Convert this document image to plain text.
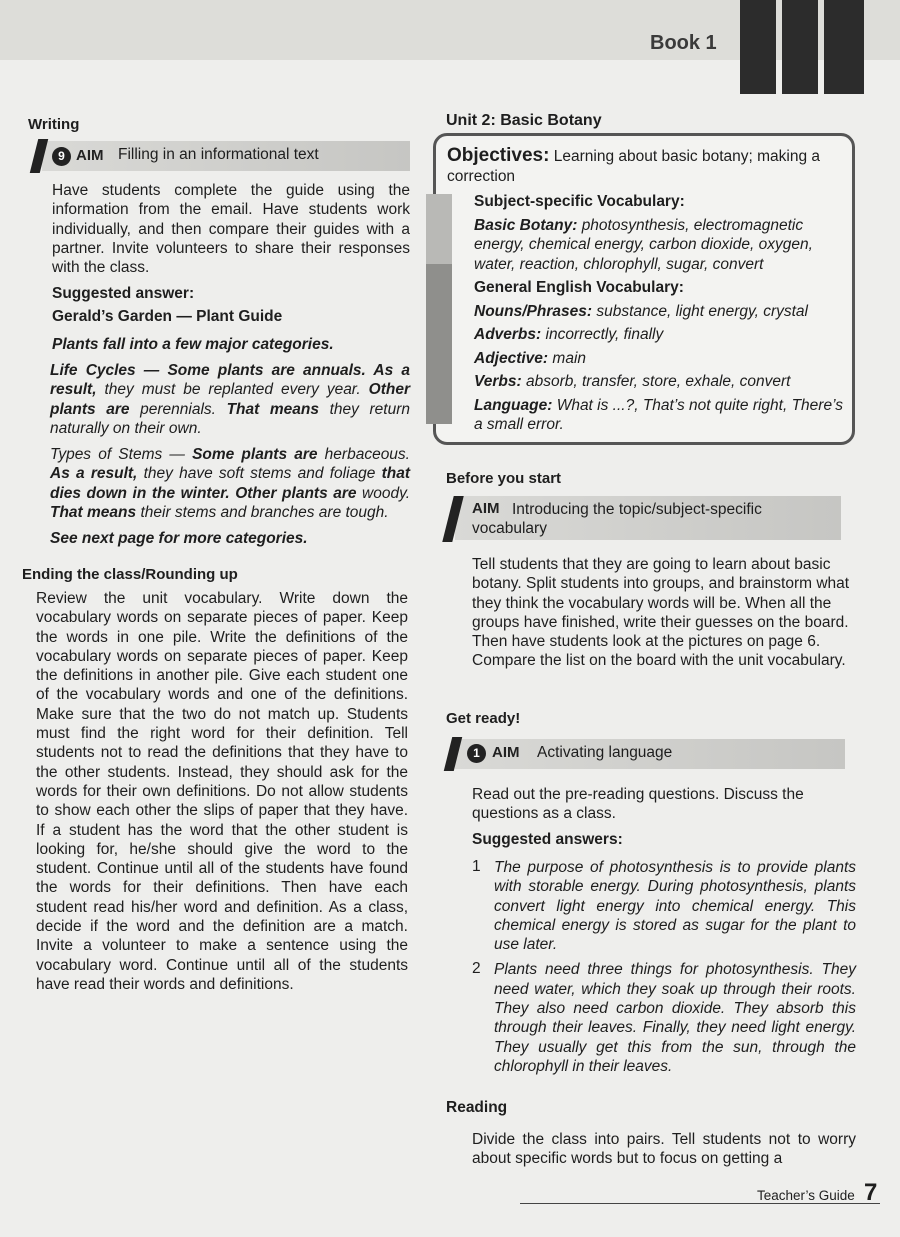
Book 1
Writing
9 AIM Filling in an informational text
Have students complete the guide using the information from the email. Have students work individually, and then compare their guides with a partner. Invite volunteers to share their responses with the class.
Suggested answer:
Gerald’s Garden — Plant Guide
Plants fall into a few major categories.
Life Cycles — Some plants are annuals. As a result, they must be replanted every year. Other plants are perennials. That means they return naturally on their own.
Types of Stems — Some plants are herbaceous. As a result, they have soft stems and foliage that dies down in the winter. Other plants are woody. That means their stems and branches are tough.
See next page for more categories.
Ending the class/Rounding up
Review the unit vocabulary. Write down the vocabulary words on separate pieces of paper. Keep the words in one pile. Write the definitions of the vocabulary words on separate pieces of paper. Keep the definitions in another pile. Give each student one of the vocabulary words and one of the definitions. Make sure that the two do not match up. Students must find the right word for their definition. Tell students not to read the definitions that they have to the other students. Instead, they should ask for the words for their own definitions. Do not allow students to show each other the slips of paper that they have. If a student has the word that the other student is looking for, he/she should give the word to the student. Continue until all of the students have found the words for their definitions. Then have each student read his/her word and definition. As a class, decide if the word and the definition are a match. Invite a volunteer to make a sentence using the vocabulary word. Continue until all of the students have read their words and definitions.
Unit 2: Basic Botany
Objectives: Learning about basic botany; making a correction
Subject-specific Vocabulary:
Basic Botany: photosynthesis, electromagnetic energy, chemical energy, carbon dioxide, oxygen, water, reaction, chlorophyll, sugar, convert
General English Vocabulary:
Nouns/Phrases: substance, light energy, crystal
Adverbs: incorrectly, finally
Adjective: main
Verbs: absorb, transfer, store, exhale, convert
Language: What is ...?, That’s not quite right, There’s a small error.
Before you start
AIM Introducing the topic/subject-specific vocabulary
Tell students that they are going to learn about basic botany. Split students into groups, and brainstorm what they think the vocabulary words will be. When all the groups have finished, write their guesses on the board. Then have students look at the pictures on page 6. Compare the list on the board with the unit vocabulary.
Get ready!
1 AIM Activating language
Read out the pre-reading questions. Discuss the questions as a class.
Suggested answers:
1 The purpose of photosynthesis is to provide plants with storable energy. During photosynthesis, plants convert light energy into chemical energy. This chemical energy is stored as sugar for the plant to use later.
2 Plants need three things for photosynthesis. They need water, which they soak up through their roots. They also need carbon dioxide. They absorb this through their leaves. Finally, they need light energy. They usually get this from the sun, through the chlorophyll in their leaves.
Reading
Divide the class into pairs. Tell students not to worry about specific words but to focus on getting a
Teacher’s Guide 7
